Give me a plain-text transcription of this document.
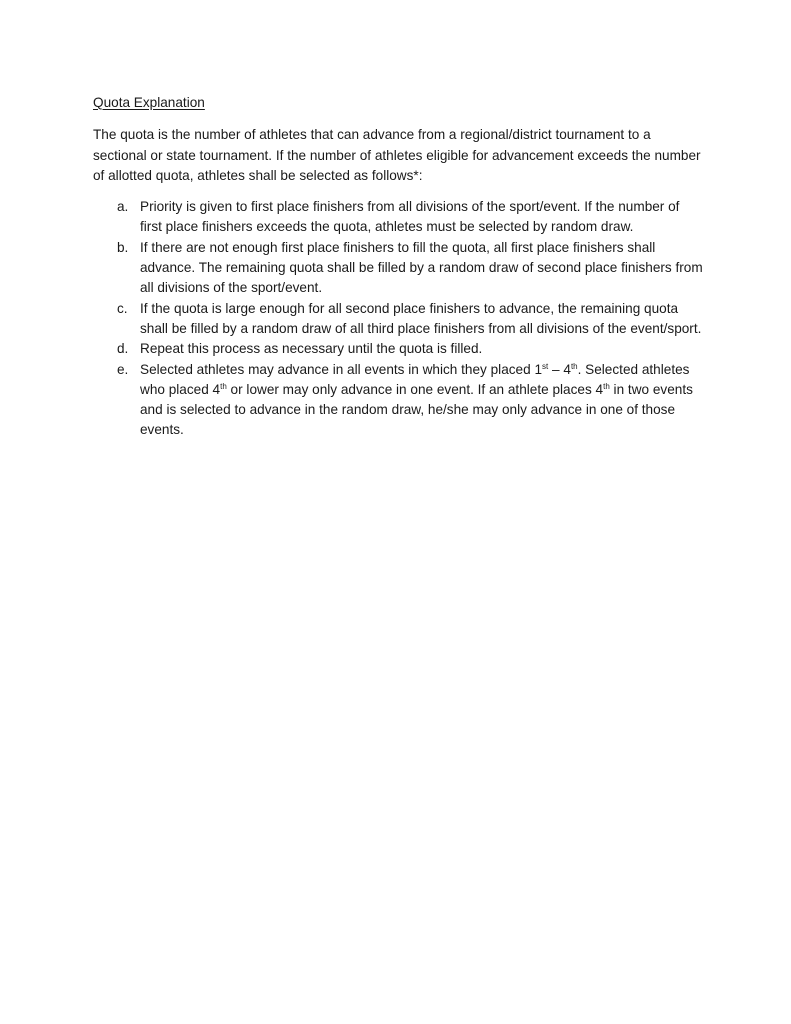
Quota Explanation

The quota is the number of athletes that can advance from a regional/district tournament to a sectional or state tournament. If the number of athletes eligible for advancement exceeds the number of allotted quota, athletes shall be selected as follows*:

a. Priority is given to first place finishers from all divisions of the sport/event. If the number of first place finishers exceeds the quota, athletes must be selected by random draw.
b. If there are not enough first place finishers to fill the quota, all first place finishers shall advance. The remaining quota shall be filled by a random draw of second place finishers from all divisions of the sport/event.
c. If the quota is large enough for all second place finishers to advance, the remaining quota shall be filled by a random draw of all third place finishers from all divisions of the event/sport.
d. Repeat this process as necessary until the quota is filled.
e. Selected athletes may advance in all events in which they placed 1st – 4th. Selected athletes who placed 4th or lower may only advance in one event. If an athlete places 4th in two events and is selected to advance in the random draw, he/she may only advance in one of those events.
